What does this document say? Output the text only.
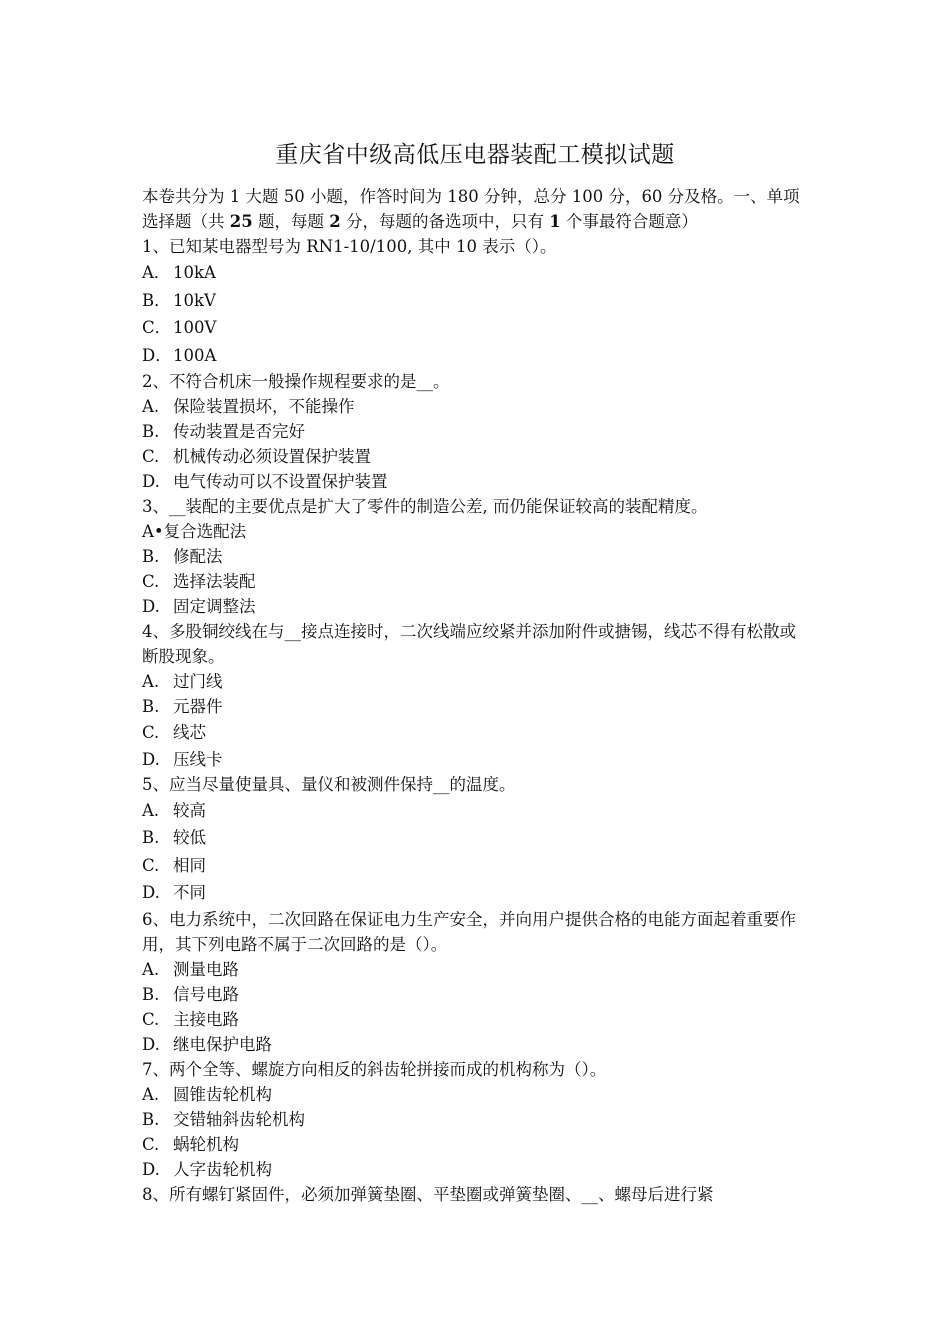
重庆省中级高低压电器装配工模拟试题

本卷共分为 1 大题 50 小题，作答时间为 180 分钟，总分 100 分，60 分及格。一、单项选择题（共 25 题，每题 2 分，每题的备选项中，只有 1 个事最符合题意）

1、已知某电器型号为 RN1-10/100, 其中 10 表示（）。

A． 10kA

B． 10kV

C． 100V

D．100A

2、不符合机床一般操作规程要求的是__。

A. 保险装置损坏，不能操作

B. 传动装置是否完好

C. 机械传动必须设置保护装置

D. 电气传动可以不设置保护装置

3、__装配的主要优点是扩大了零件的制造公差, 而仍能保证较高的装配精度。

A•复合选配法

B. 修配法

C. 选择法装配

D. 固定调整法

4、多股铜绞线在与__接点连接时，二次线端应绞紧并添加附件或搪锡，线芯不得有松散或断股现象。

A. 过门线

B. 元器件

C. 线芯

D. 压线卡

5、应当尽量使量具、量仪和被测件保持__的温度。

A. 较高

B. 较低

C. 相同

D. 不同

6、电力系统中，二次回路在保证电力生产安全，并向用户提供合格的电能方面起着重要作用，其下列电路不属于二次回路的是（）。

A. 测量电路

B. 信号电路

C. 主接电路

D. 继电保护电路

7、两个全等、螺旋方向相反的斜齿轮拼接而成的机构称为（）。

A. 圆锥齿轮机构

B. 交错轴斜齿轮机构

C. 蜗轮机构

D. 人字齿轮机构

8、所有螺钉紧固件，必须加弹簧垫圈、平垫圈或弹簧垫圈、__、螺母后进行紧
